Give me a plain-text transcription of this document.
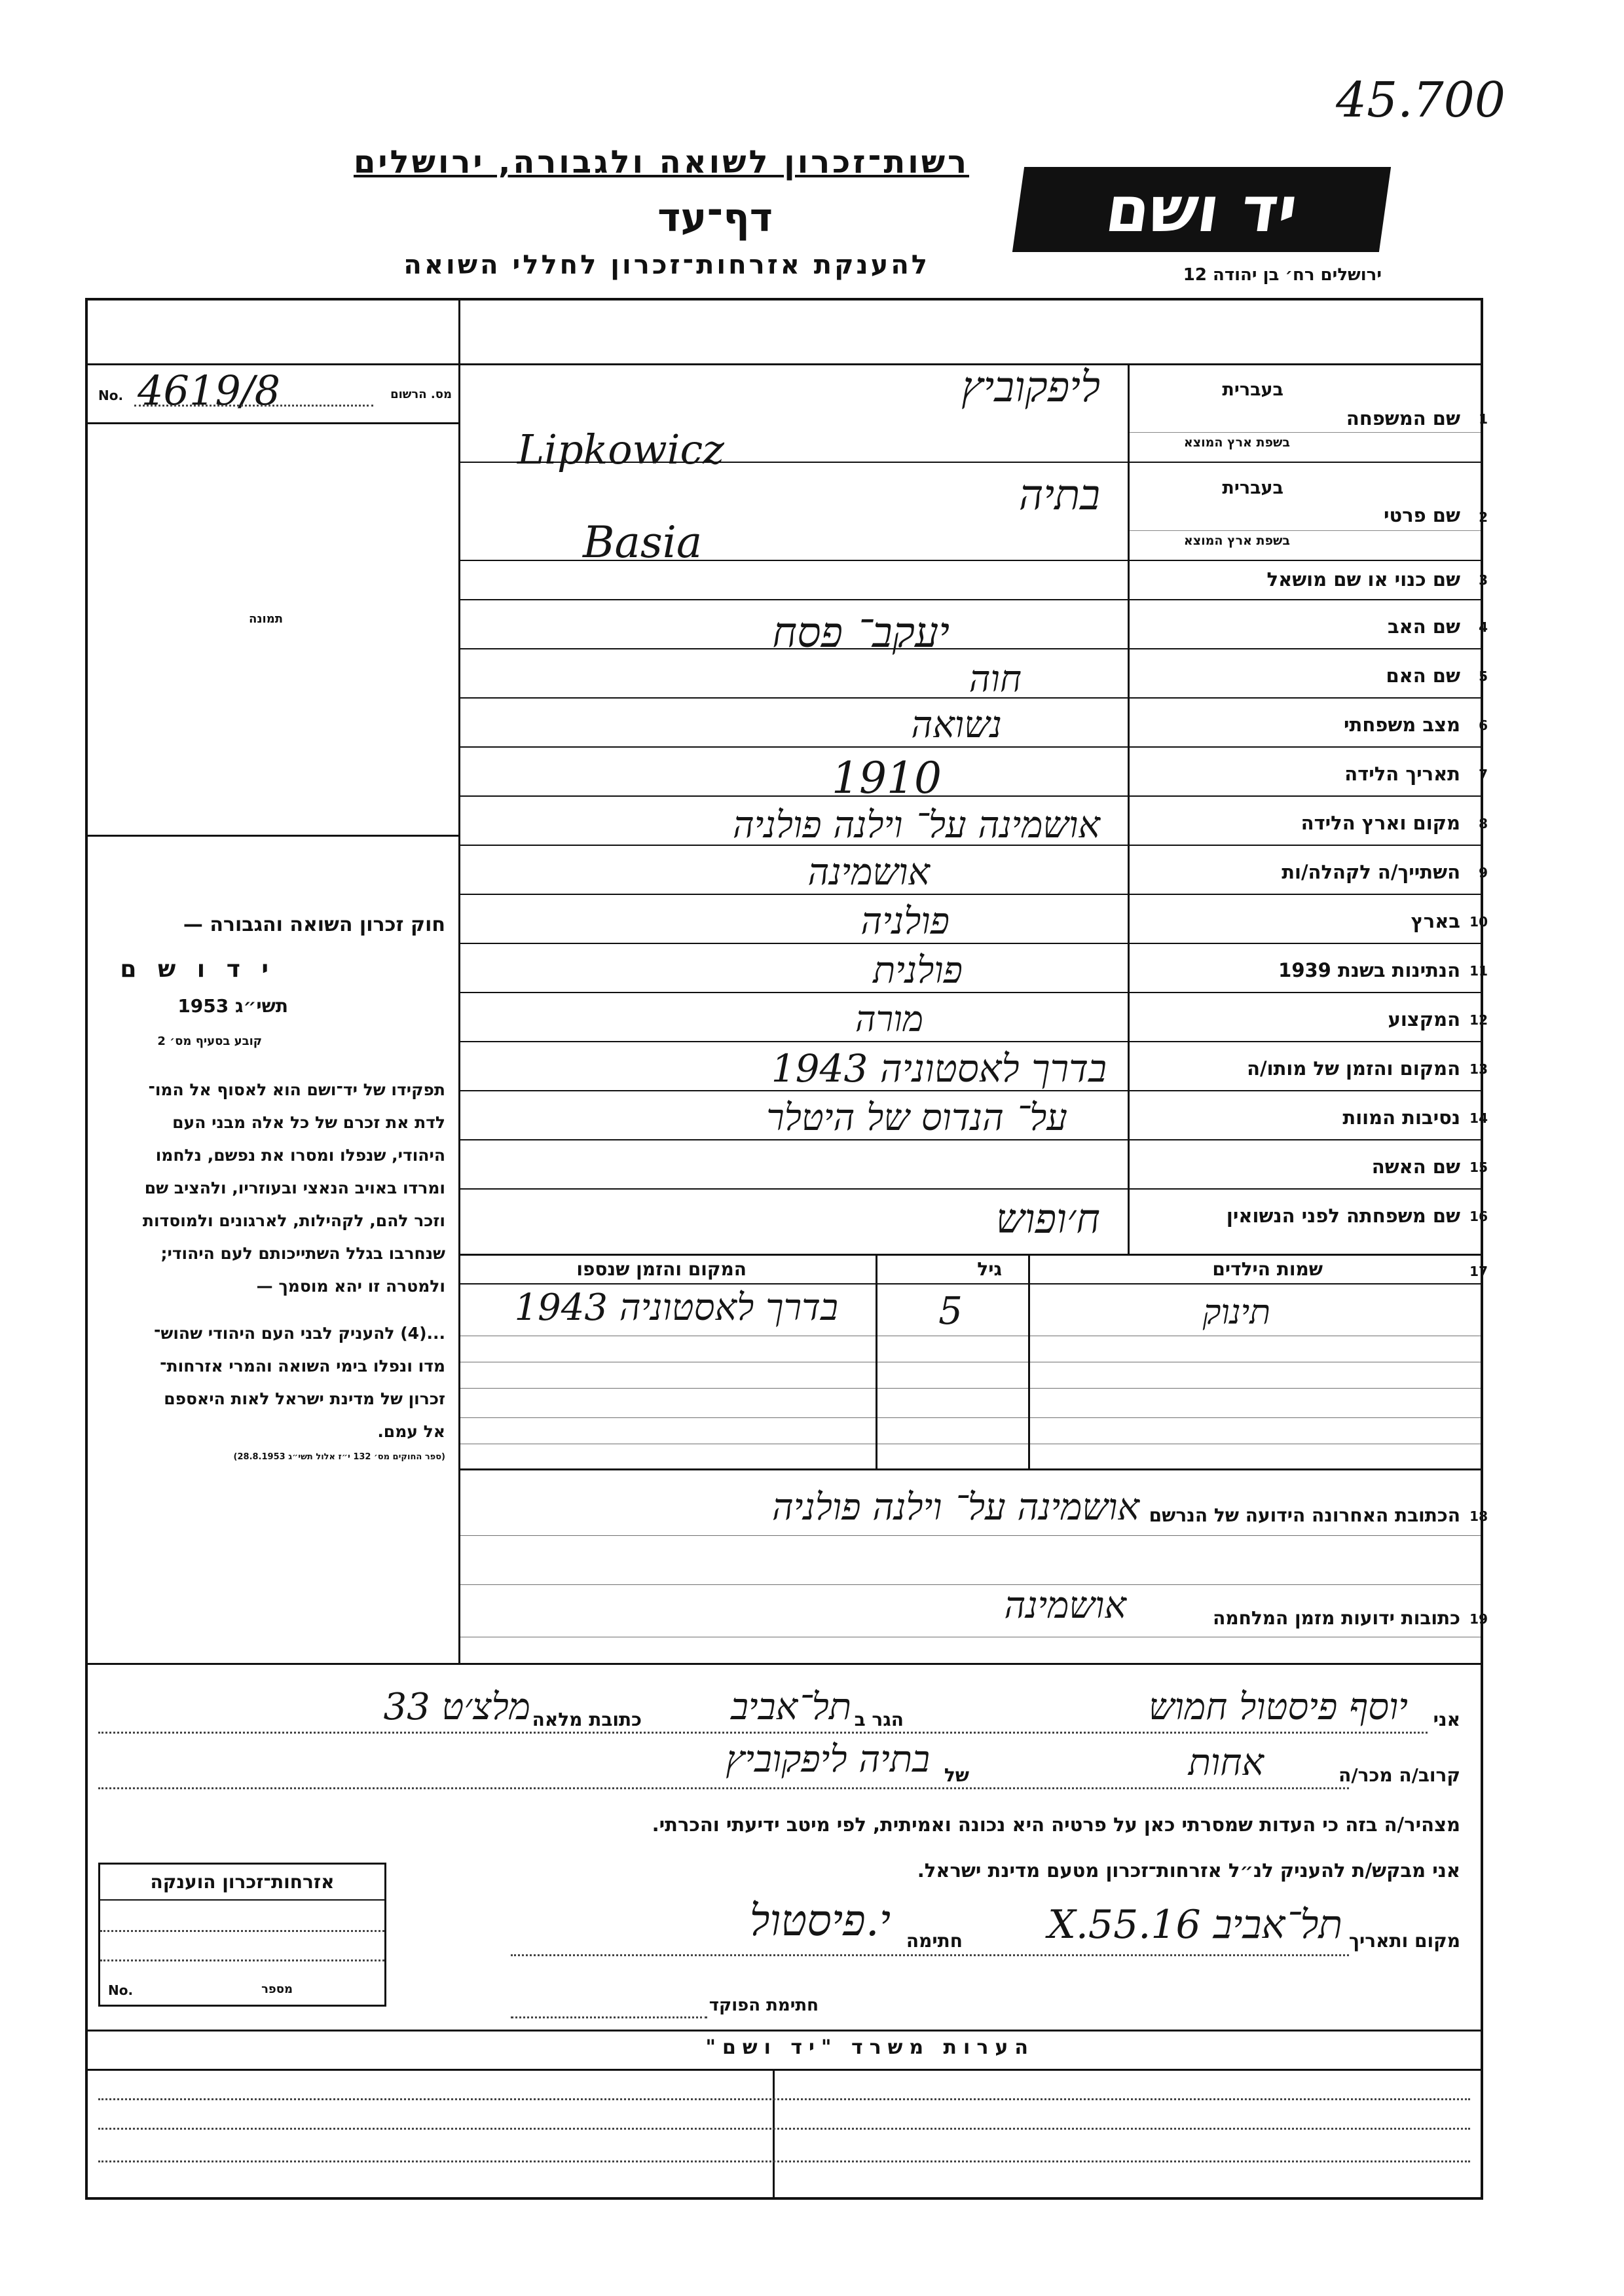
45.700
רשות־זכרון לשואה ולגבורה, ירושלים
דף־עד
להענקת אזרחות־זכרון לחללי השואה
יד ושם
ירושלים רח׳ בן יהודה 12
מס. הרשום
No. 4619/8
תמונה
חוק זכרון השואה והגבורה —
י ד ו ש ם
תשי״ג 1953
קובע בסעיף מס׳ 2
תפקידו של יד־ושם הוא לאסוף אל המו־
לדת את זכרם של כל אלה מבני העם
היהודי, שנפלו ומסרו את נפשם, נלחמו
ומרדו באויב הנאצי ובעוזריו, ולהציב שם
וזכר להם, לקהילות, לארגונים ולמוסדות
שנחרבו בגלל השתייכותם לעם היהודי;
ולמטרה זו יהא מוסמך —
...(4) להעניק לבני העם היהודי שהוש־
מדו ונפלו בימי השואה והמרי אזרחות־
זכרון של מדינת ישראל לאות היאספם
אל עמם.
(ספר החוקים מס׳ 132 י״ז אלול תשי״ג 28.8.1953)
בעברית
שם המשפחה 1
בשפת ארץ המוצא
ליפקוביץ
Lipkowicz
בעברית
שם פרטי 2
בשפת ארץ המוצא
בתיה
Basia
שם כנוי או שם מושאל 3
שם האב 4
יעקב־ פסח
שם האם 5
חוה
מצב משפחתי 6
נשואה
תאריך הלידה 7
1910
מקום וארץ הלידה 8
אושמינה על־ וילנה פולניה
השתייך/ה לקהלה/ות 9
אושמינה
בארץ 10
פולניה
הנתינות בשנת 1939 11
פולנית
המקצוע 12
מורה
המקום והזמן של מותו/ה 13
בדרך לאסטוניה 1943
נסיבות המוות 14
על־ הנדוס של היטלר
שם האשה 15
שם משפחתה לפני הנשואין 16
ח׳ופוש
שמות הילדים	17
גיל
המקום והזמן שנספו
תינוק
5
בדרך לאסטוניה 1943
הכתובת האחרונה הידועה של הנרשם 18
אושמינה על־ וילנה פולניה
כתובות ידועות מזמן המלחמה 19
אושמינה
אני
יוסף פיסטול חמוש
הגר ב
תל־אביב
כתובת מלאה
מלצ׳ט 33
קרוב/ה מכר/ה
אחות
של
בתיה ליפקוביץ
מצהיר/ה בזה כי העדות שמסרתי כאן על פרטיה היא נכונה ואמיתית, לפי מיטב ידיעתי והכרתי.
אני מבקש/ת להעניק לנ״ל אזרחות־זכרון מטעם מדינת ישראל.
מקום ותאריך
תל־אביב 16.X.55
חתימה
י.פיסטול
חתימת הפוקד
אזרחות־זכרון הוענקה
מספר
No.
הערות משרד "יד ושם"
